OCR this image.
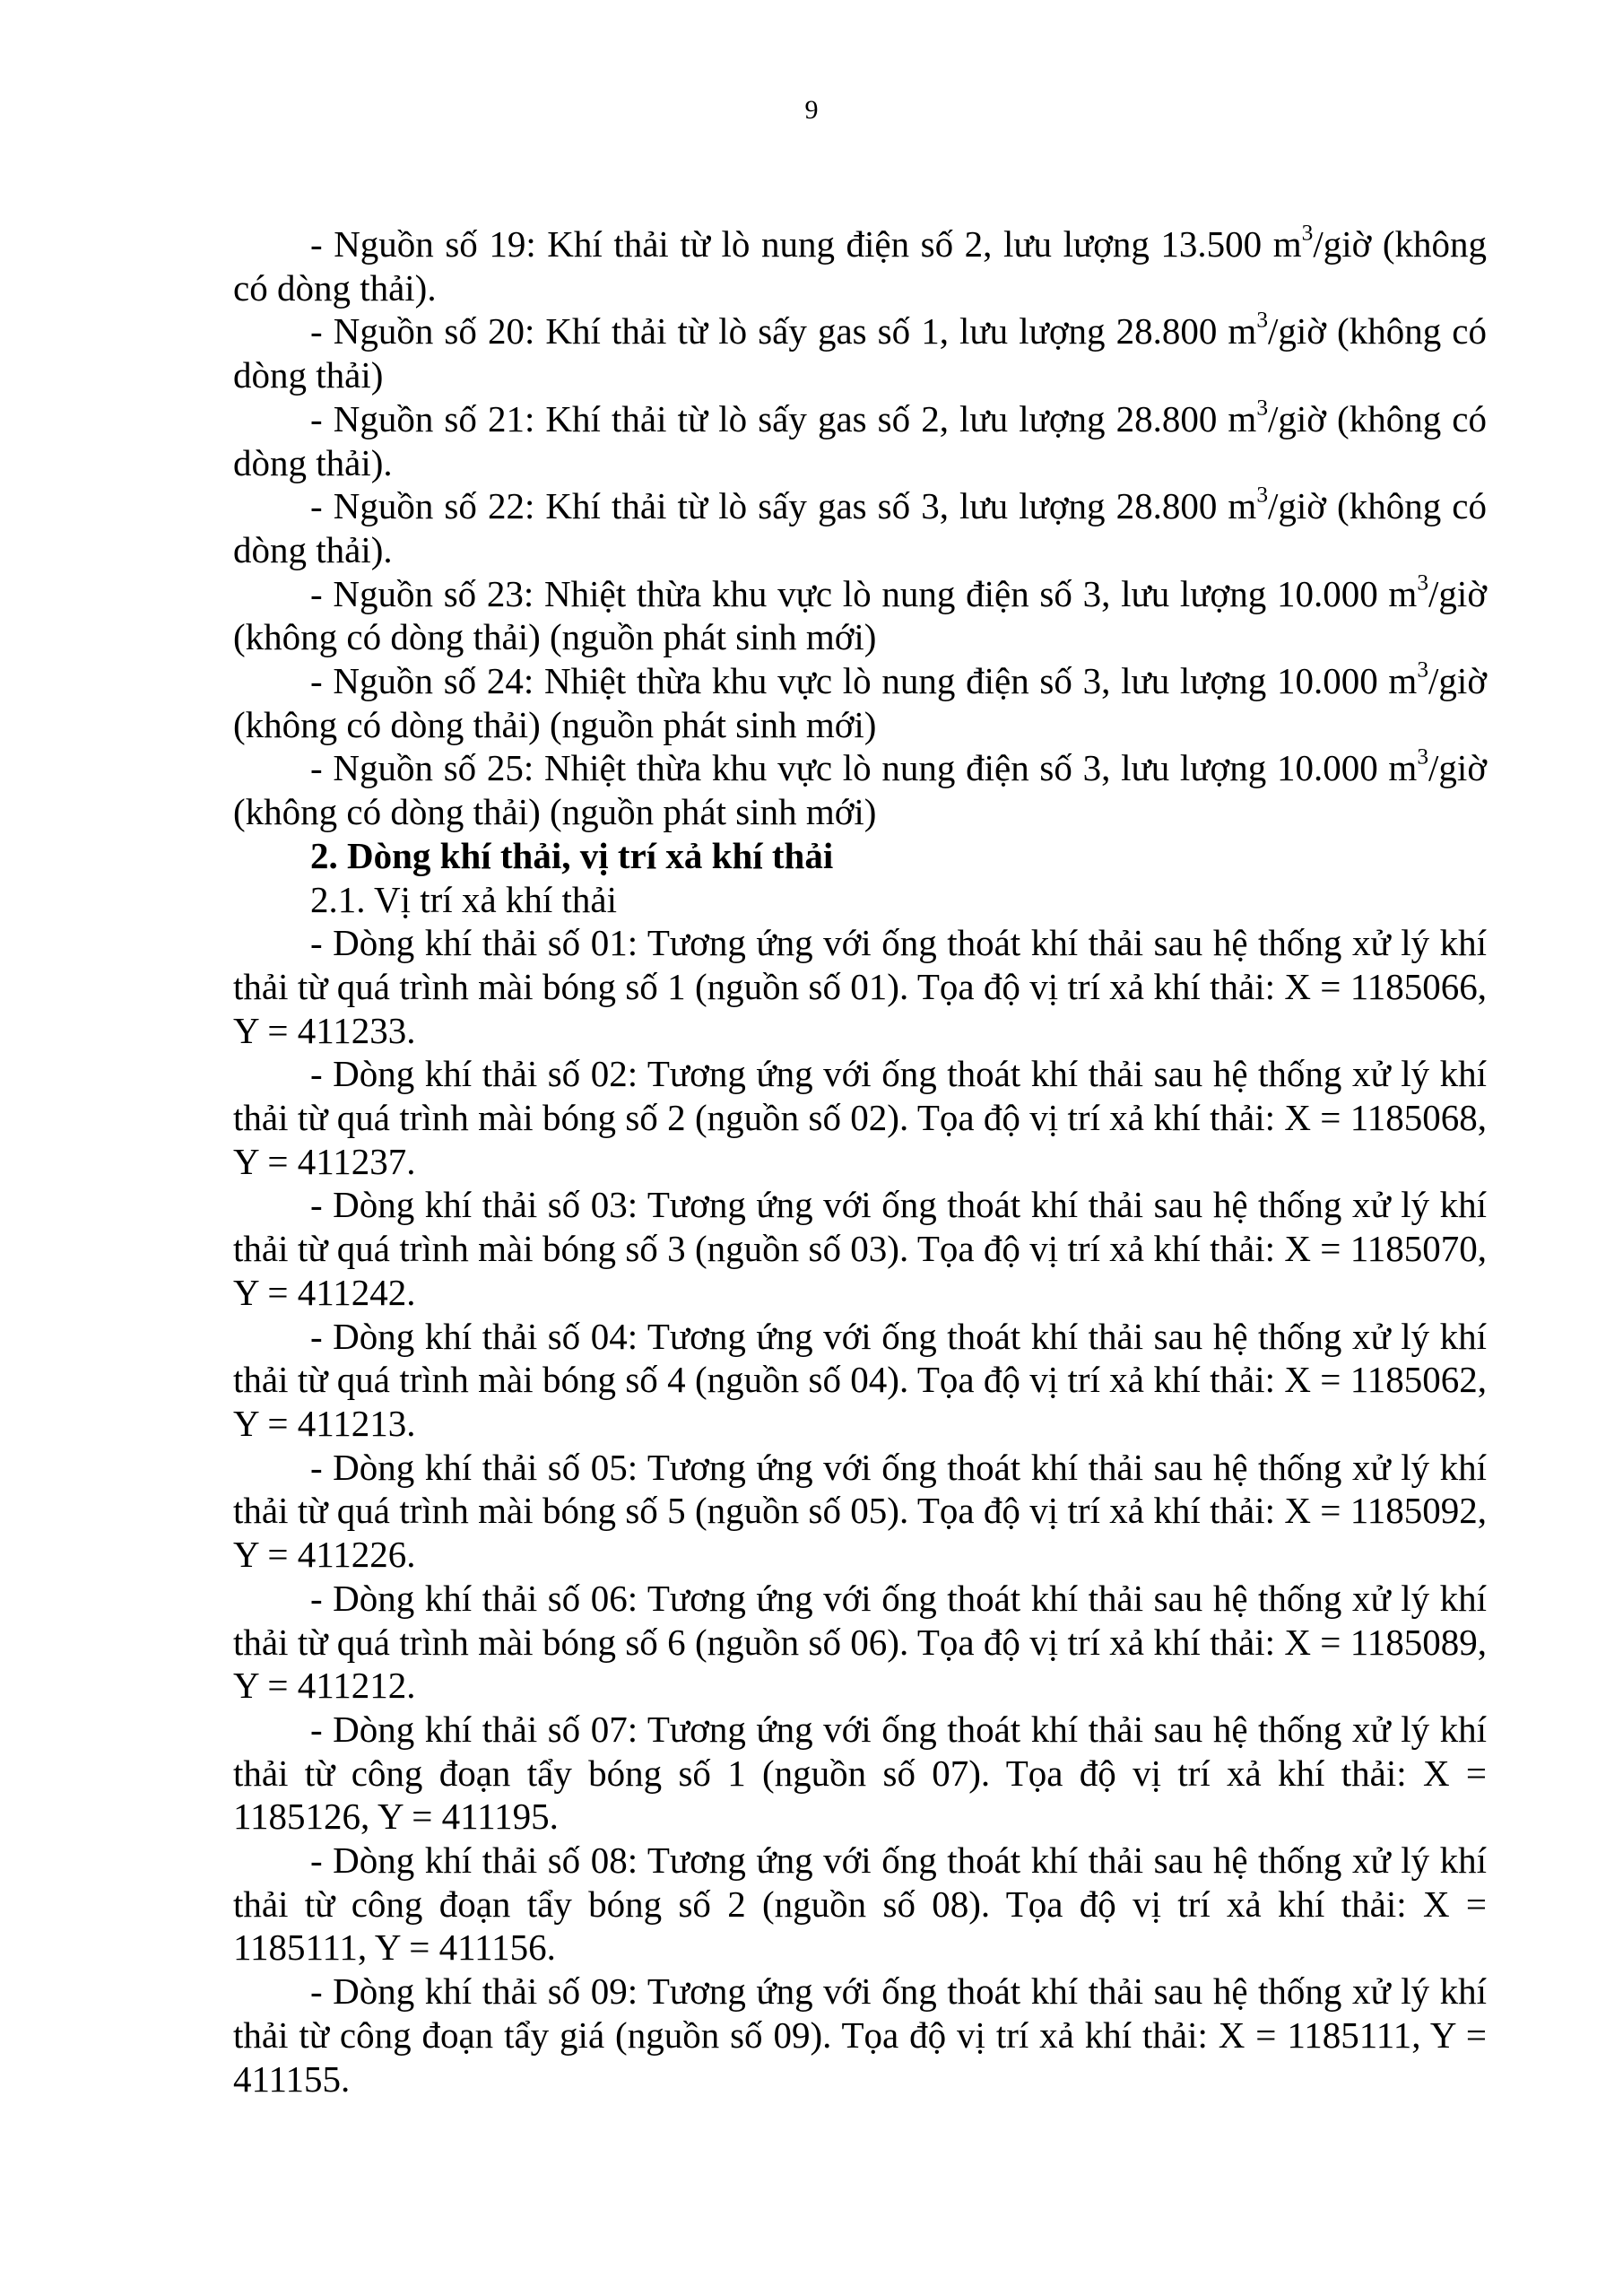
9

- Nguồn số 19: Khí thải từ lò nung điện số 2, lưu lượng 13.500 $m^3$/giờ (không có dòng thải).

- Nguồn số 20: Khí thải từ lò sấy gas số 1, lưu lượng 28.800 $m^3$/giờ (không có dòng thải)

- Nguồn số 21: Khí thải từ lò sấy gas số 2, lưu lượng 28.800 $m^3$/giờ (không có dòng thải).

- Nguồn số 22: Khí thải từ lò sấy gas số 3, lưu lượng 28.800 $m^3$/giờ (không có dòng thải).

- Nguồn số 23: Nhiệt thừa khu vực lò nung điện số 3, lưu lượng 10.000 $m^3$/giờ (không có dòng thải) (nguồn phát sinh mới)

- Nguồn số 24: Nhiệt thừa khu vực lò nung điện số 3, lưu lượng 10.000 $m^3$/giờ (không có dòng thải) (nguồn phát sinh mới)

- Nguồn số 25: Nhiệt thừa khu vực lò nung điện số 3, lưu lượng 10.000 $m^3$/giờ (không có dòng thải) (nguồn phát sinh mới)

2. Dòng khí thải, vị trí xả khí thải

2.1. Vị trí xả khí thải

- Dòng khí thải số 01: Tương ứng với ống thoát khí thải sau hệ thống xử lý khí thải từ quá trình mài bóng số 1 (nguồn số 01). Tọa độ vị trí xả khí thải: X = 1185066, Y = 411233.

- Dòng khí thải số 02: Tương ứng với ống thoát khí thải sau hệ thống xử lý khí thải từ quá trình mài bóng số 2 (nguồn số 02). Tọa độ vị trí xả khí thải: X = 1185068, Y = 411237.

- Dòng khí thải số 03: Tương ứng với ống thoát khí thải sau hệ thống xử lý khí thải từ quá trình mài bóng số 3 (nguồn số 03). Tọa độ vị trí xả khí thải: X = 1185070, Y = 411242.

- Dòng khí thải số 04: Tương ứng với ống thoát khí thải sau hệ thống xử lý khí thải từ quá trình mài bóng số 4 (nguồn số 04). Tọa độ vị trí xả khí thải: X = 1185062, Y = 411213.

- Dòng khí thải số 05: Tương ứng với ống thoát khí thải sau hệ thống xử lý khí thải từ quá trình mài bóng số 5 (nguồn số 05). Tọa độ vị trí xả khí thải: X = 1185092, Y = 411226.

- Dòng khí thải số 06: Tương ứng với ống thoát khí thải sau hệ thống xử lý khí thải từ quá trình mài bóng số 6 (nguồn số 06). Tọa độ vị trí xả khí thải: X = 1185089, Y = 411212.

- Dòng khí thải số 07: Tương ứng với ống thoát khí thải sau hệ thống xử lý khí thải từ công đoạn tẩy bóng số 1 (nguồn số 07). Tọa độ vị trí xả khí thải: X = 1185126, Y = 411195.

- Dòng khí thải số 08: Tương ứng với ống thoát khí thải sau hệ thống xử lý khí thải từ công đoạn tẩy bóng số 2 (nguồn số 08). Tọa độ vị trí xả khí thải: X = 1185111, Y = 411156.

- Dòng khí thải số 09: Tương ứng với ống thoát khí thải sau hệ thống xử lý khí thải từ công đoạn tẩy giá (nguồn số 09). Tọa độ vị trí xả khí thải: X = 1185111, Y = 411155.
